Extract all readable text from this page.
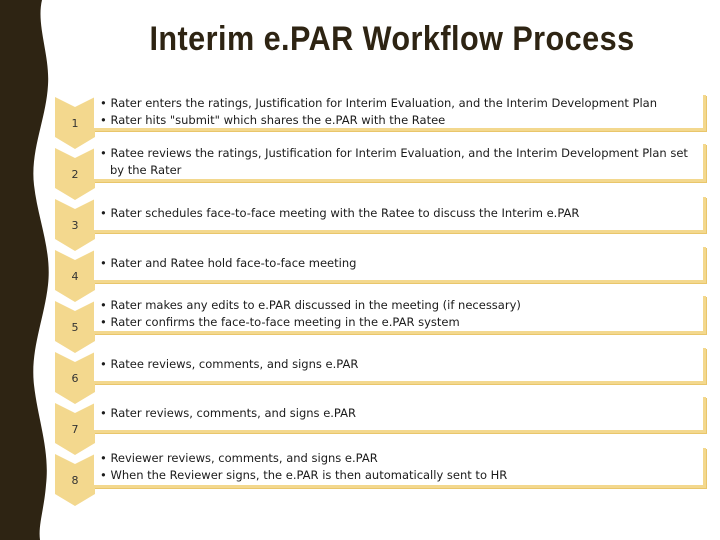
Interim e.PAR Workflow Process
1
2
3
4
5
6
7
8
• Rater enters the ratings, Justification for Interim Evaluation, and the Interim Development Plan
• Rater hits "submit" which shares the e.PAR with the Ratee
• Ratee reviews the ratings, Justification for Interim Evaluation, and the Interim Development Plan set by the Rater
• Rater schedules face-to-face meeting with the Ratee to discuss the Interim e.PAR
• Rater and Ratee hold face-to-face meeting
• Rater makes any edits to e.PAR discussed in the meeting (if necessary)
• Rater confirms the face-to-face meeting in the e.PAR system
• Ratee reviews, comments, and signs e.PAR
• Rater reviews, comments, and signs e.PAR
• Reviewer reviews, comments, and signs e.PAR
• When the Reviewer signs, the e.PAR is then automatically sent to HR
